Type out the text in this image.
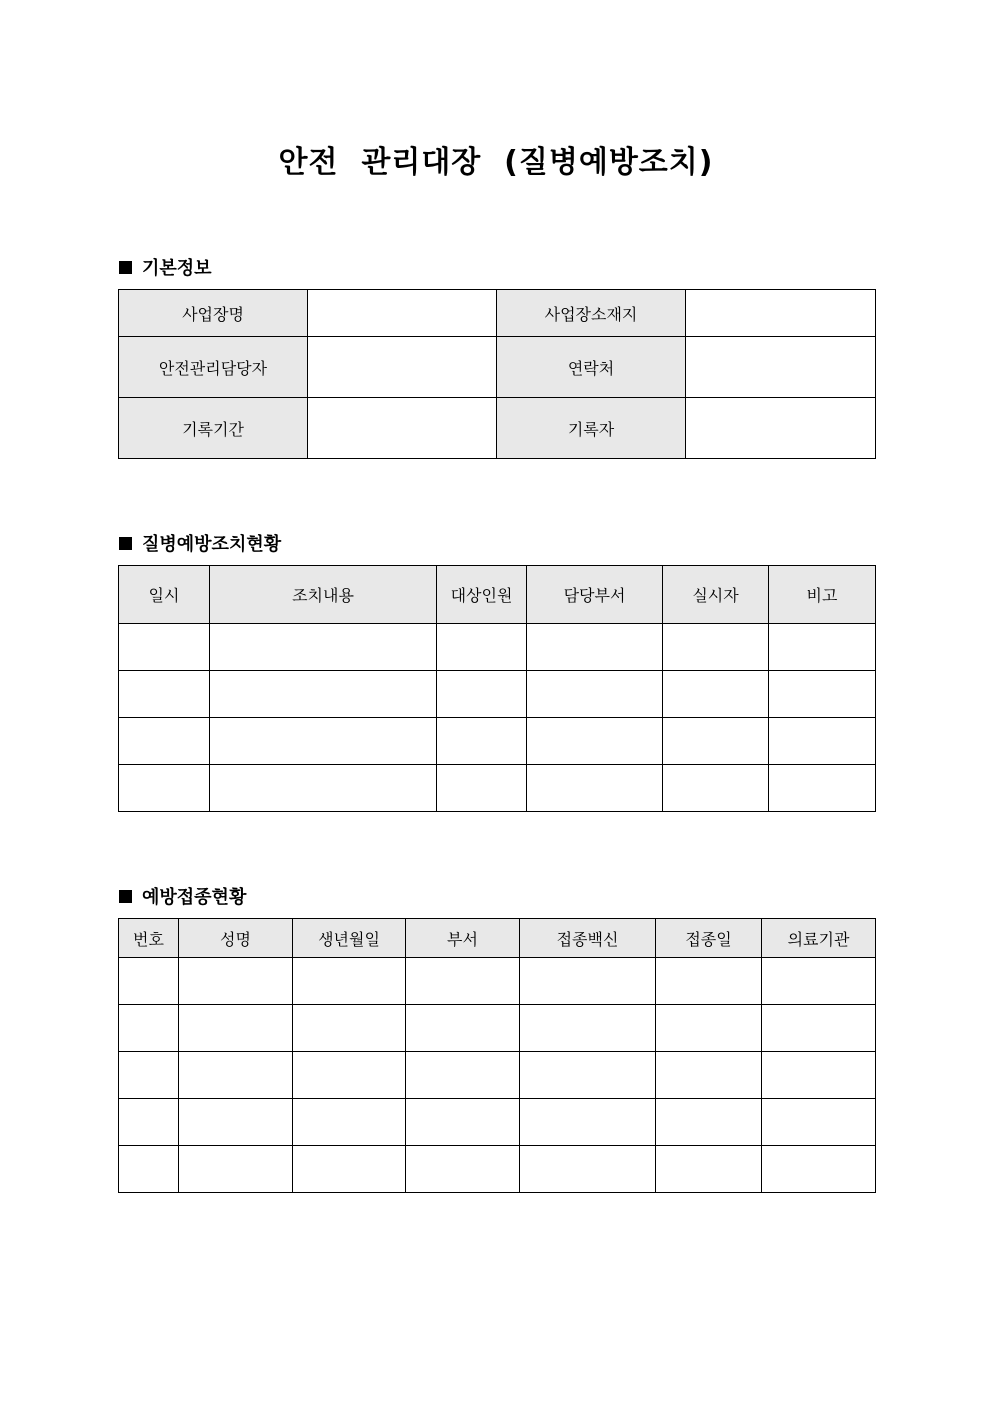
안전  관리대장  (질병예방조치)
기본정보
사업장명		사업장소재지	
안전관리담당자		연락처	
기록기간		기록자	
질병예방조치현황
일시	조치내용	대상인원	담당부서	실시자	비고

예방접종현황
번호	성명	생년월일	부서	접종백신	접종일	의료기관
